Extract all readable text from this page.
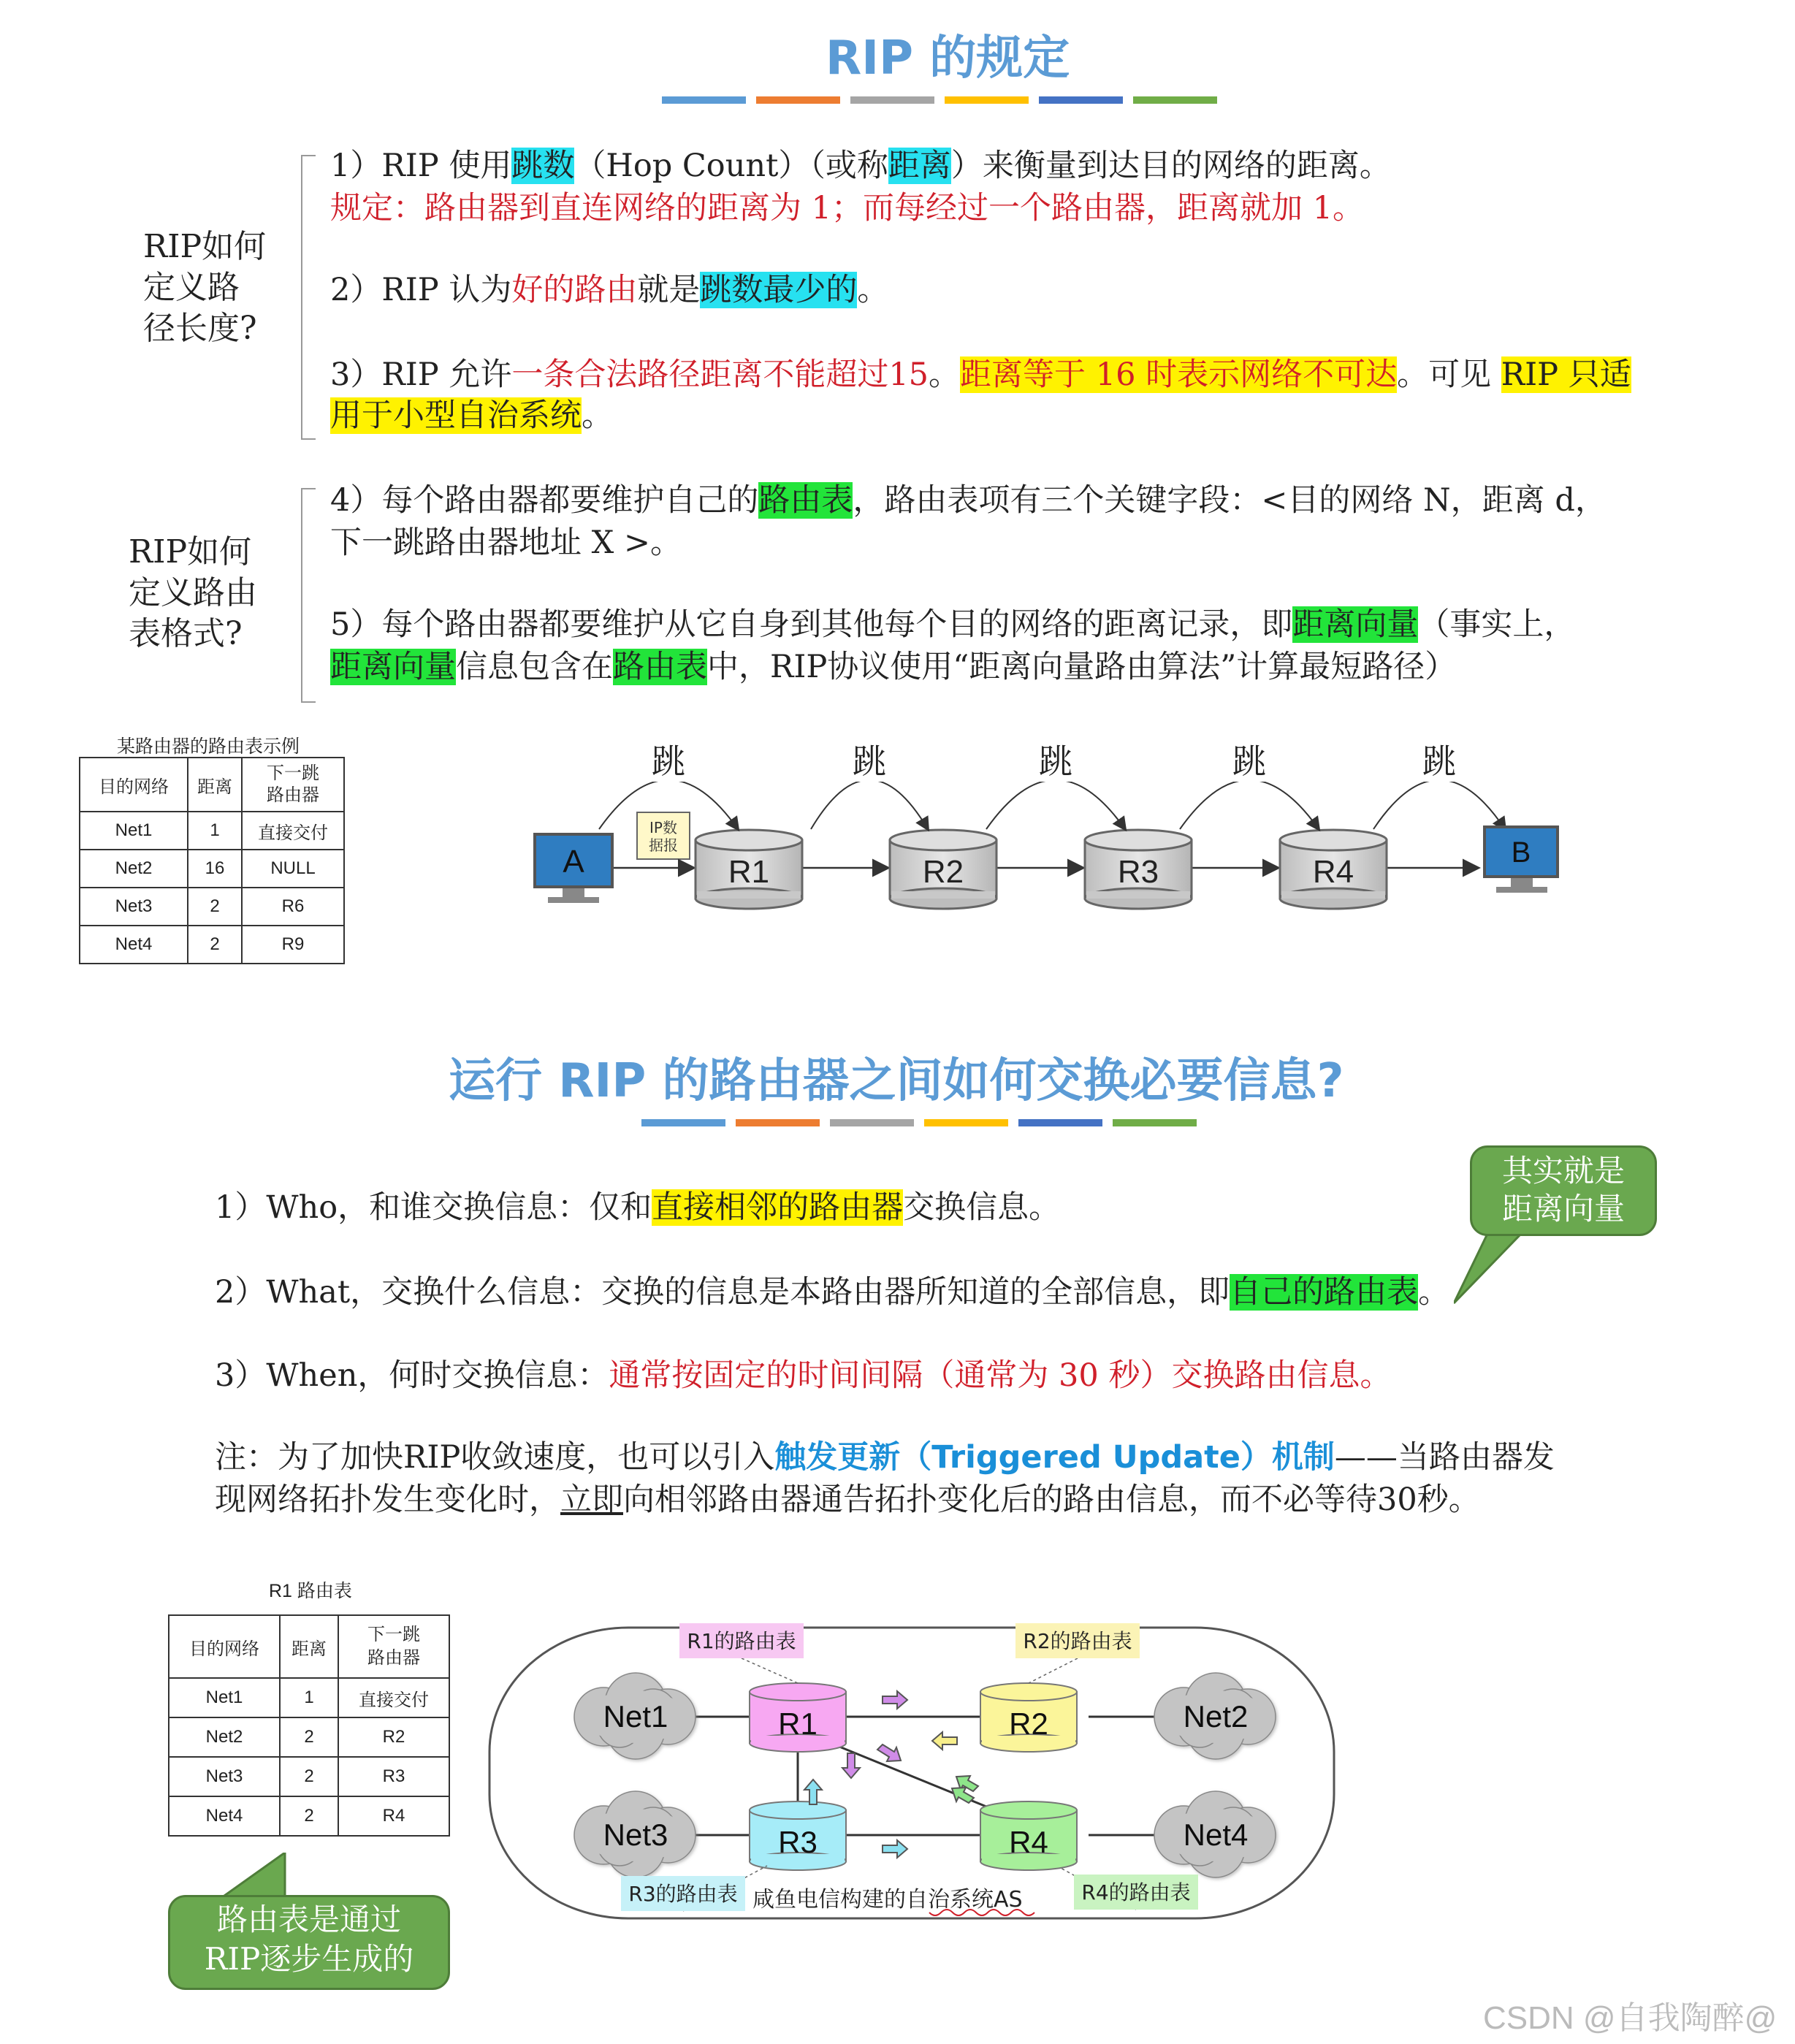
RIP 的规定
RIP如何
定义路
径长度?
1）RIP 使用跳数（Hop Count）（或称距离）来衡量到达目的网络的距离。
规定：路由器到直连网络的距离为 1；而每经过一个路由器，距离就加 1。
2）RIP 认为好的路由就是跳数最少的。
3）RIP 允许一条合法路径距离不能超过15。距离等于 16 时表示网络不可达。可见 RIP 只适
用于小型自治系统。
RIP如何
定义路由
表格式?
4）每个路由器都要维护自己的路由表，路由表项有三个关键字段：<目的网络 N，距离 d，
下一跳路由器地址 X >。
5）每个路由器都要维护从它自身到其他每个目的网络的距离记录，即距离向量（事实上，
距离向量信息包含在路由表中，RIP协议使用“距离向量路由算法”计算最短路径）
某路由器的路由表示例
目的网络	距离	下一跳
路由器
Net1	1	直接交付
Net2	16	NULL
Net3	2	R6
Net4	2	R9
A
IP数
据报
R1	R2	R3	R4
跳	跳	跳	跳	跳
B
运行 RIP 的路由器之间如何交换必要信息?
1）Who，和谁交换信息：仅和直接相邻的路由器交换信息。
2）What，交换什么信息：交换的信息是本路由器所知道的全部信息，即自己的路由表。
3）When，何时交换信息：通常按固定的时间间隔（通常为 30 秒）交换路由信息。
注：为了加快RIP收敛速度，也可以引入触发更新（Triggered Update）机制——当路由器发
现网络拓扑发生变化时，立即向相邻路由器通告拓扑变化后的路由信息，而不必等待30秒。
其实就是
距离向量
R1 路由表
目的网络	距离	下一跳
路由器
Net1	1	直接交付
Net2	2	R2
Net3	2	R3
Net4	2	R4
路由表是通过
RIP逐步生成的
Net1	Net2
Net3	Net4
R1	R2
R3	R4
R1的路由表	R2的路由表
R3的路由表	R4的路由表
咸鱼电信构建的自治系统AS
CSDN @自我陶醉@
